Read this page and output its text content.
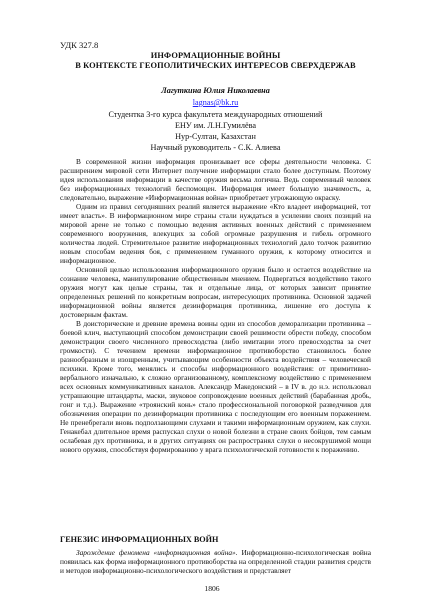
УДК 327.8
ИНФОРМАЦИОННЫЕ ВОЙНЫ
В КОНТЕКСТЕ ГЕОПОЛИТИЧЕСКИХ ИНТЕРЕСОВ СВЕРХДЕРЖАВ
Лагуткина Юлия Николаевна
lagnas@bk.ru
Студентка 3-го курса факультета международных отношений
ЕНУ им. Л.Н.Гумилёва
Нур-Султан, Казахстан
Научный руководитель - С.К. Алиева

В современной жизни информация пронизывает все сферы деятельности человека. С расширением мировой сети Интернет получение информации стало более доступным. Поэтому идея использования информации в качестве оружия весьма логична. Ведь современный человек без информационных технологий беспомощен. Информация имеет большую значимость, а, следовательно, выражение «Информационная война» приобретает угрожающую окраску.

Одним из правил сегодняшних реалий является выражение «Кто владеет информацией, тот имеет власть». В информационном мире страны стали нуждаться в усилении своих позиций на мировой арене не только с помощью ведения активных военных действий с применением современного вооружения, влекущих за собой огромные разрушения и гибель огромного количества людей. Стремительное развитие информационных технологий дало толчок развитию новым способам ведения боя, с применением гуманного оружия, к которому относится и информационное.

Основной целью использования информационного оружия было и остается воздействие на сознание человека, манипулирование общественным мнением. Подвергаться воздействию такого оружия могут как целые страны, так и отдельные лица, от которых зависит принятие определенных решений по конкретным вопросам, интересующих противника. Основной задачей информационной войны является дезинформация противника, лишение его доступа к достоверным фактам.

В доисторические и древние времена воины один из способов деморализации противника – боевой клич, выступающий способом демонстрации своей решимости обрести победу, способом демонстрации своего численного превосходства (либо имитации этого превосходства за счет громкости). С течением времени информационное противоборство становилось более разнообразным и изощренным, учитывающим особенности объекта воздействия – человеческой психики. Кроме того, менялись и способы информационного воздействия: от примитивно-вербального изначально, к сложно организованному, комплексному воздействию с применением всех основных коммуникативных каналов. Александр Македонский – в IV в. до н.э. использовал устрашающие штандарты, маски, звуковое сопровождение военных действий (барабанная дробь, гонг и т.д.). Выражение «троянский конь» стало профессиональной поговоркой разведчиков для обозначения операции по дезинформации противника с последующим его военным поражением. Не пренебрегали вновь подползающими слухами и такими информационным оружием, как слухи. Генакебал длительное время распускал слухи о новой болезни в стране своих бойцов, тем самым ослабевая дух противника, и в других ситуациях он распространял слухи о несокрушимой мощи нового оружия, способствуя формированию у врага психологической готовности к поражению.

ГЕНЕЗИС ИНФОРМАЦИОННЫХ ВОЙН
Зарождение феномена «информационная война». Информационно-психологическая война появилась как форма информационного противоборства на определенной стадии развития средств и методов информационно-психологического воздействия и представляет
1806
